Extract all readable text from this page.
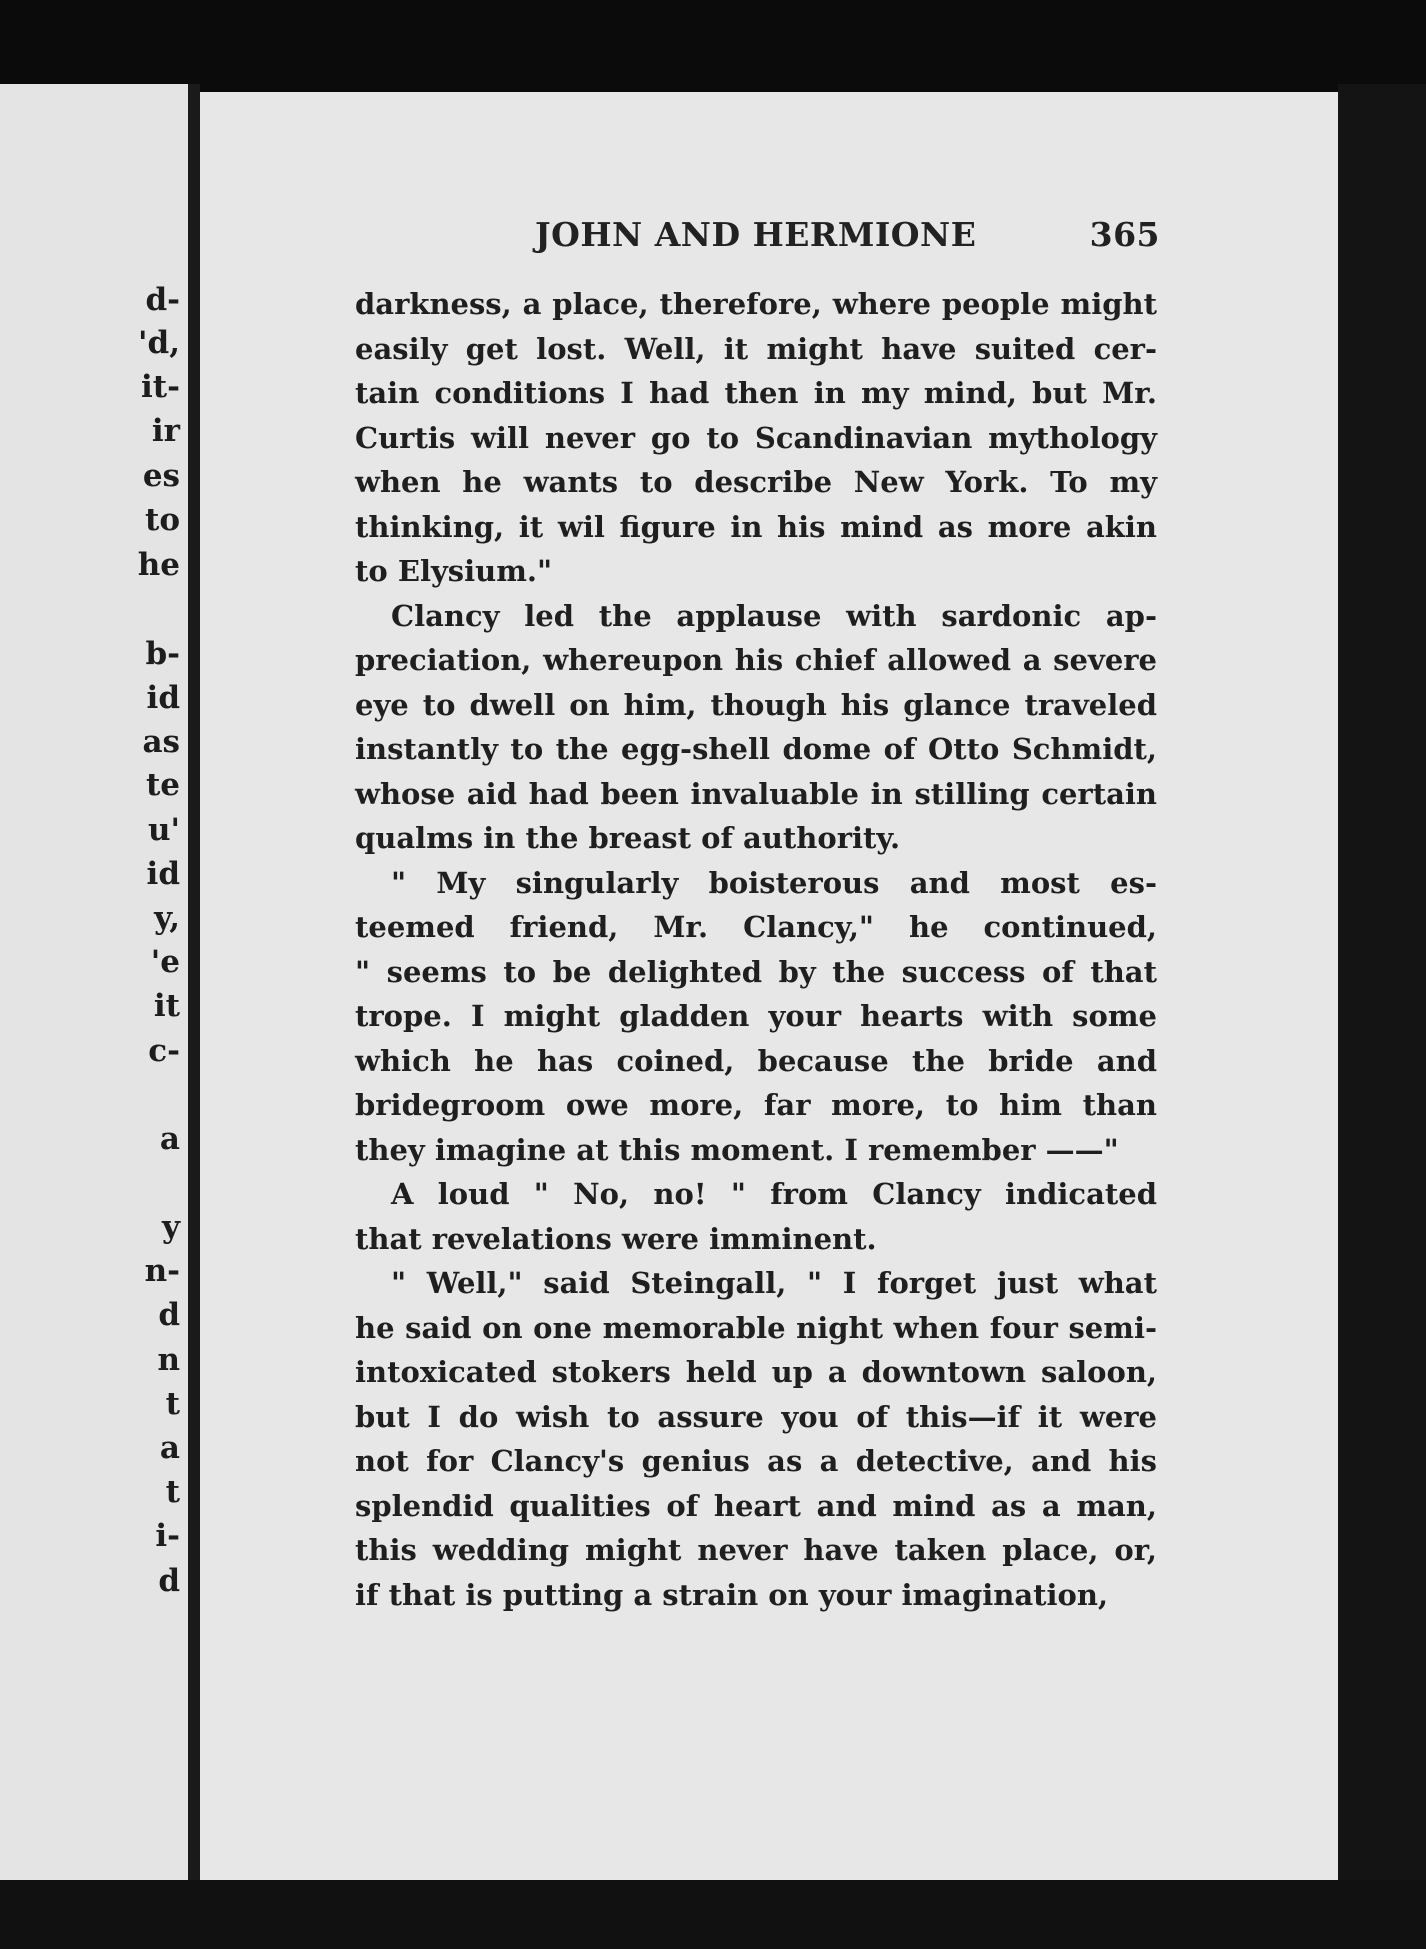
d-
'd,
it-
ir
es
to
he
b-
id
as
te
u'
id
y,
'e
it
c-
a
y
n-
d
n
t
a
t
i-
d
JOHN AND HERMIONE	365
darkness, a place, therefore, where people might
easily get lost. Well, it might have suited cer-
tain conditions I had then in my mind, but Mr.
Curtis will never go to Scandinavian mythology
when he wants to describe New York. To my
thinking, it wil figure in his mind as more akin
to Elysium."
Clancy led the applause with sardonic ap-
preciation, whereupon his chief allowed a severe
eye to dwell on him, though his glance traveled
instantly to the egg-shell dome of Otto Schmidt,
whose aid had been invaluable in stilling certain
qualms in the breast of authority.
" My singularly boisterous and most es-
teemed friend, Mr. Clancy," he continued,
" seems to be delighted by the success of that
trope. I might gladden your hearts with some
which he has coined, because the bride and
bridegroom owe more, far more, to him than
they imagine at this moment. I remember ——"
A loud " No, no! " from Clancy indicated
that revelations were imminent.
" Well," said Steingall, " I forget just what
he said on one memorable night when four semi-
intoxicated stokers held up a downtown saloon,
but I do wish to assure you of this—if it were
not for Clancy's genius as a detective, and his
splendid qualities of heart and mind as a man,
this wedding might never have taken place, or,
if that is putting a strain on your imagination,
